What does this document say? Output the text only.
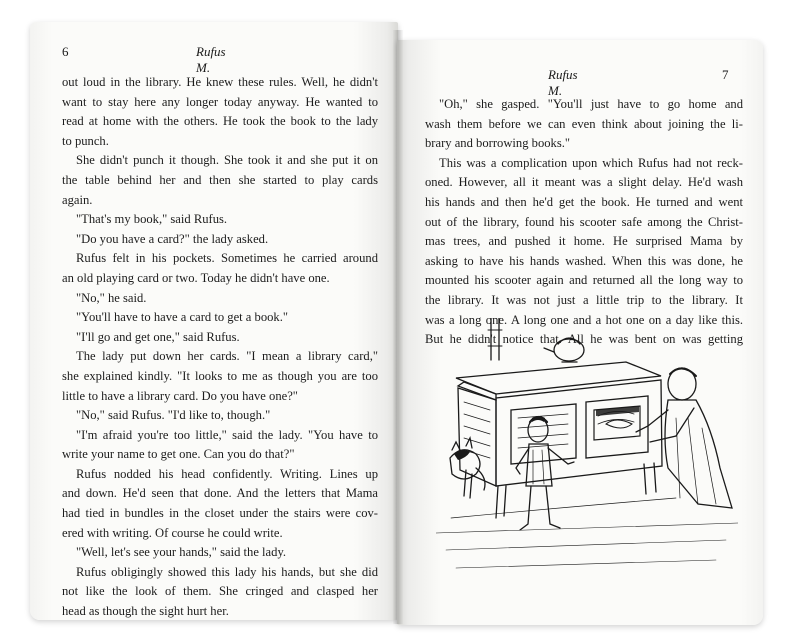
6	Rufus M.	Rufus M.
7
out loud in the library. He knew these rules. Well, he didn't
want to stay here any longer today anyway. He wanted to
read at home with the others. He took the book to the lady
to punch.
She didn't punch it though. She took it and she put it on
the table behind her and then she started to play cards
again.
"That's my book," said Rufus.
"Do you have a card?" the lady asked.
Rufus felt in his pockets. Sometimes he carried around
an old playing card or two. Today he didn't have one.
"No," he said.
"You'll have to have a card to get a book."
"I'll go and get one," said Rufus.
The lady put down her cards. "I mean a library card,"
she explained kindly. "It looks to me as though you are too
little to have a library card. Do you have one?"
"No," said Rufus. "I'd like to, though."
"I'm afraid you're too little," said the lady. "You have to
write your name to get one. Can you do that?"
Rufus nodded his head confidently. Writing. Lines up
and down. He'd seen that done. And the letters that Mama
had tied in bundles in the closet under the stairs were cov-
ered with writing. Of course he could write.
"Well, let's see your hands," said the lady.
Rufus obligingly showed this lady his hands, but she did
not like the look of them. She cringed and clasped her
head as though the sight hurt her.
"Oh," she gasped. "You'll just have to go home and
wash them before we can even think about joining the li-
brary and borrowing books."
This was a complication upon which Rufus had not reck-
oned. However, all it meant was a slight delay. He'd wash
his hands and then he'd get the book. He turned and went
out of the library, found his scooter safe among the Christ-
mas trees, and pushed it home. He surprised Mama by
asking to have his hands washed. When this was done, he
mounted his scooter again and returned all the long way to
the library. It was not just a little trip to the library. It
was a long one. A long one and a hot one on a day like this.
But he didn't notice that. All he was bent on was getting
